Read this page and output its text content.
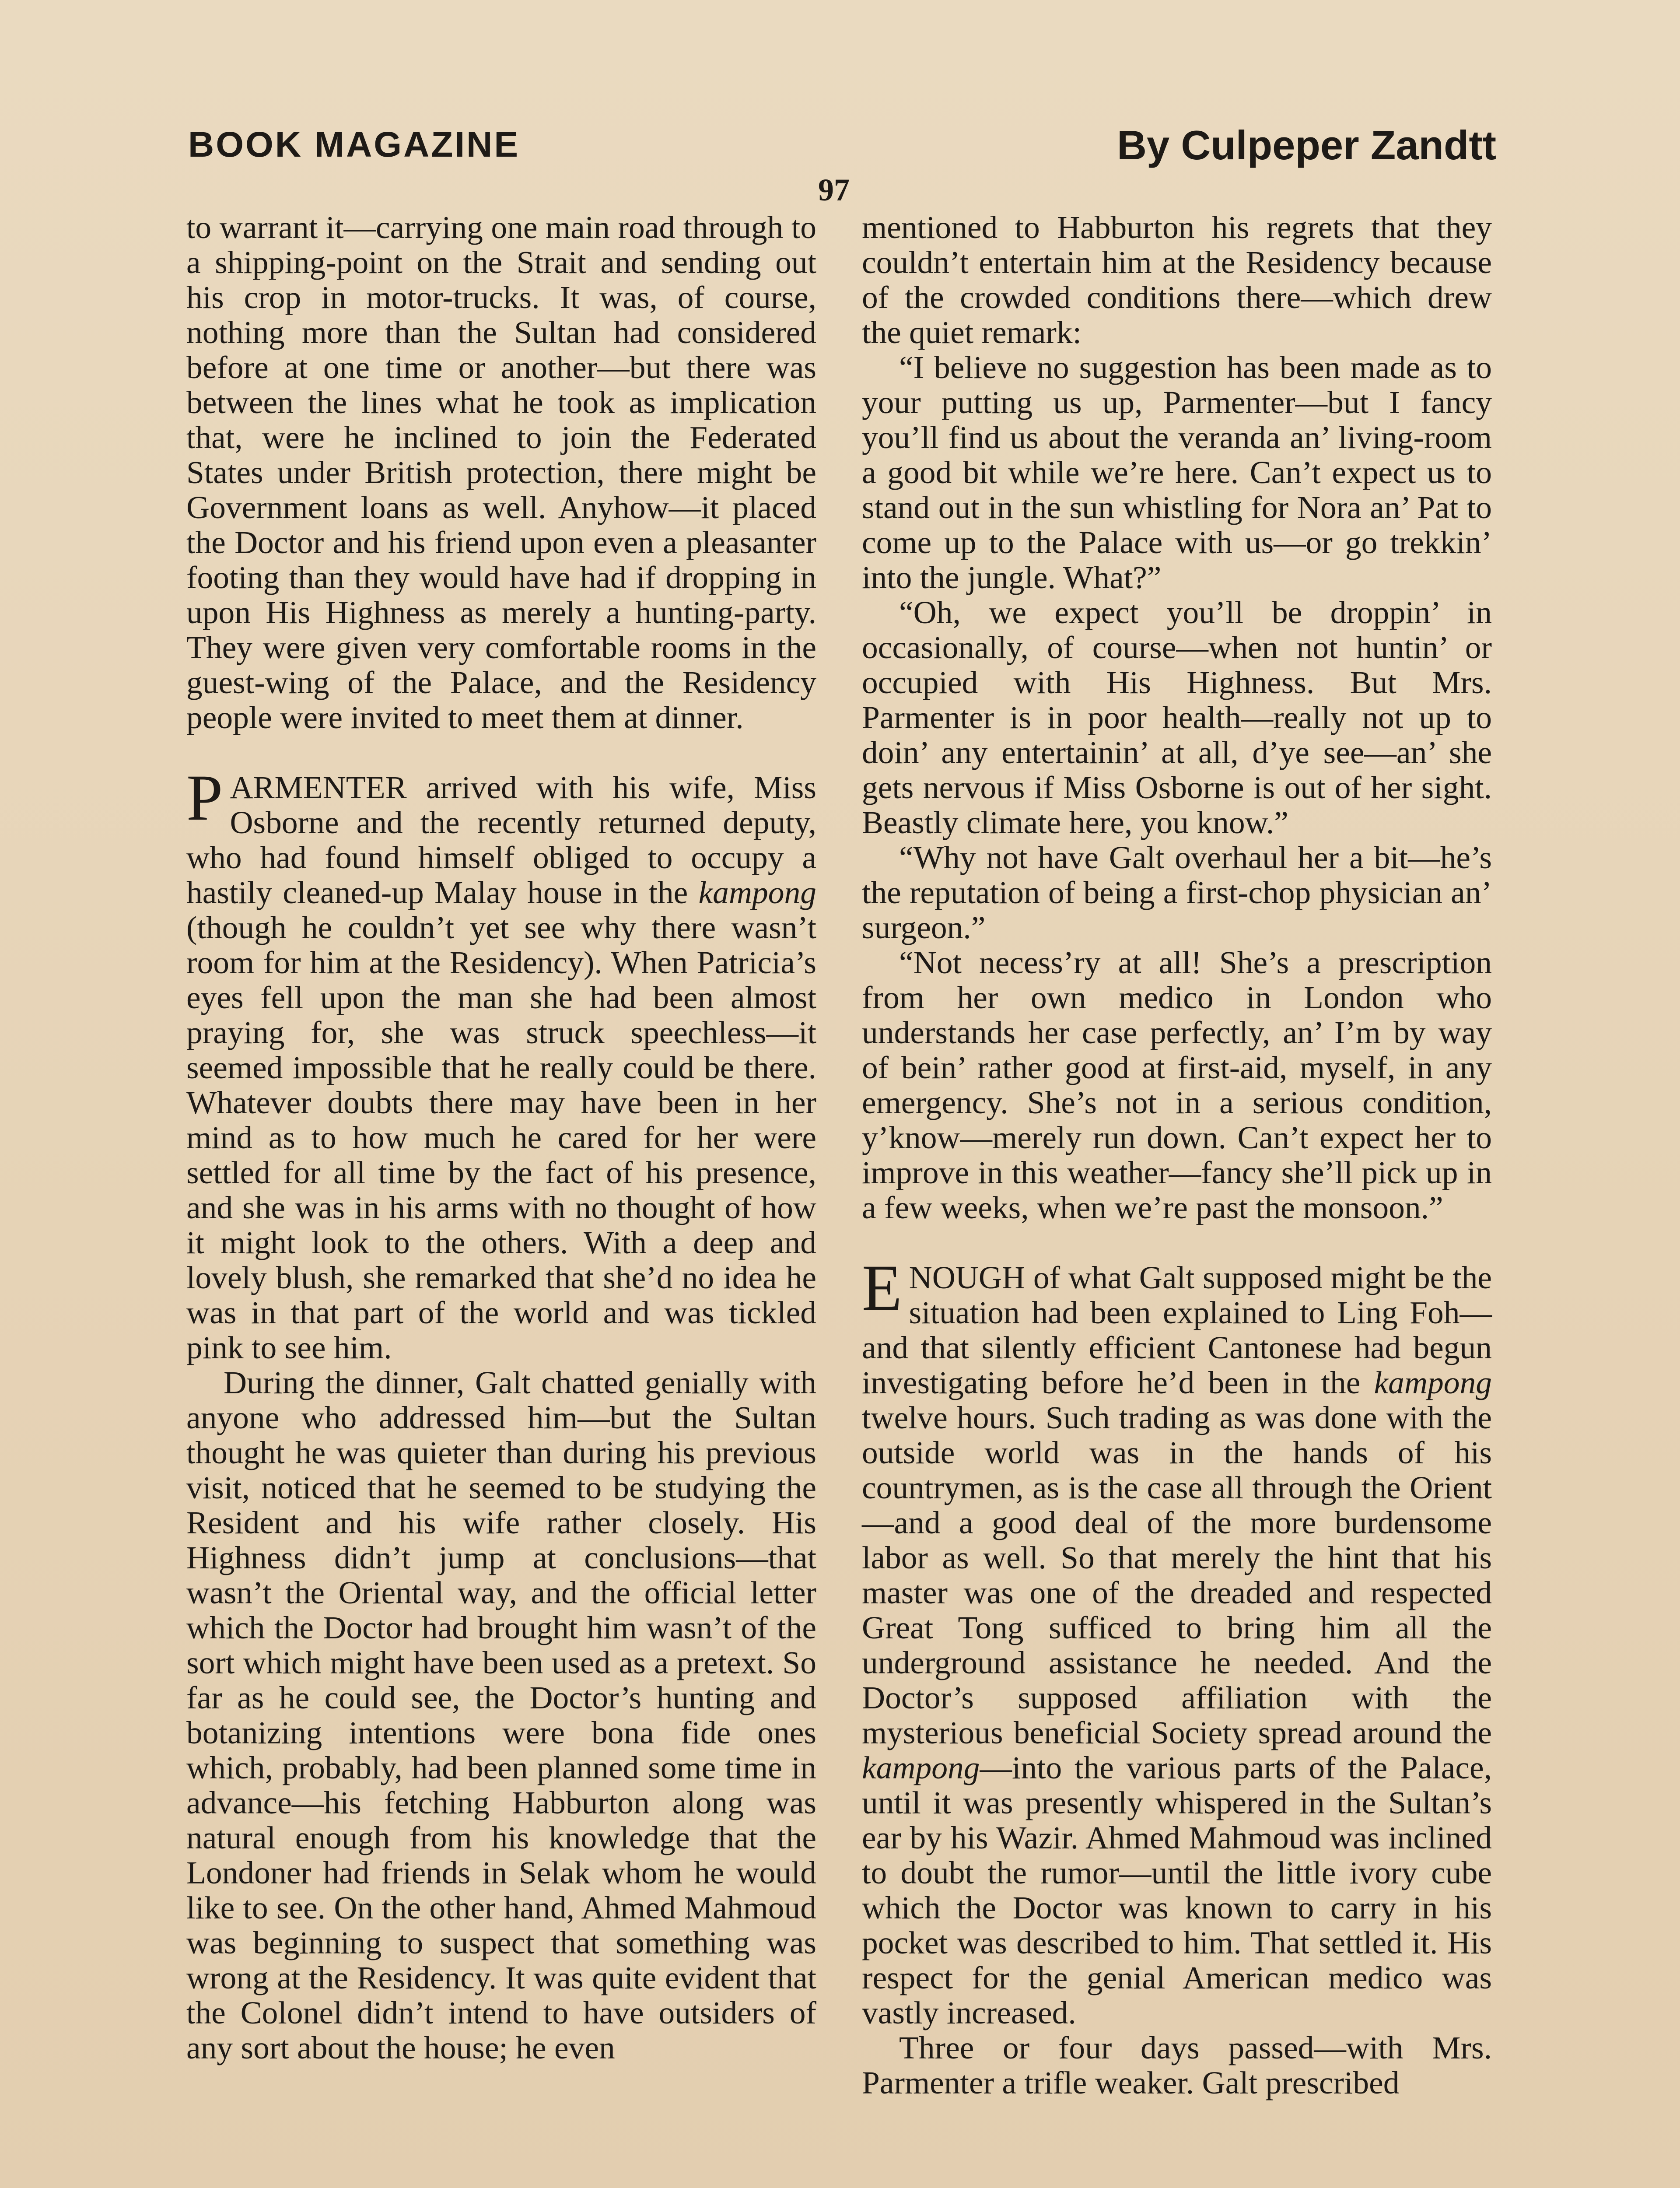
BOOK MAGAZINE	By Culpeper Zandtt
97

to warrant it—carrying one main road through to a shipping-point on the Strait and sending out his crop in motor-trucks. It was, of course, nothing more than the Sultan had considered before at one time or another—but there was between the lines what he took as implication that, were he inclined to join the Federated States under British protection, there might be Government loans as well. Anyhow—it placed the Doctor and his friend upon even a pleasanter footing than they would have had if dropping in upon His Highness as merely a hunting-party. They were given very comfortable rooms in the guest-wing of the Palace, and the Residency people were invited to meet them at dinner.

PARMENTER arrived with his wife, Miss Osborne and the recently returned deputy, who had found himself obliged to occupy a hastily cleaned-up Malay house in the kampong (though he couldn’t yet see why there wasn’t room for him at the Residency). When Patricia’s eyes fell upon the man she had been almost praying for, she was struck speechless—it seemed impossible that he really could be there. Whatever doubts there may have been in her mind as to how much he cared for her were settled for all time by the fact of his presence, and she was in his arms with no thought of how it might look to the others. With a deep and lovely blush, she remarked that she’d no idea he was in that part of the world and was tickled pink to see him.

During the dinner, Galt chatted genially with anyone who addressed him—but the Sultan thought he was quieter than during his previous visit, noticed that he seemed to be studying the Resident and his wife rather closely. His Highness didn’t jump at conclusions—that wasn’t the Oriental way, and the official letter which the Doctor had brought him wasn’t of the sort which might have been used as a pretext. So far as he could see, the Doctor’s hunting and botanizing intentions were bona fide ones which, probably, had been planned some time in advance—his fetching Habburton along was natural enough from his knowledge that the Londoner had friends in Selak whom he would like to see. On the other hand, Ahmed Mahmoud was beginning to suspect that something was wrong at the Residency. It was quite evident that the Colonel didn’t intend to have outsiders of any sort about the house; he even

mentioned to Habburton his regrets that they couldn’t entertain him at the Residency because of the crowded conditions there—which drew the quiet remark:

“I believe no suggestion has been made as to your putting us up, Parmenter—but I fancy you’ll find us about the veranda an’ living-room a good bit while we’re here. Can’t expect us to stand out in the sun whistling for Nora an’ Pat to come up to the Palace with us—or go trekkin’ into the jungle. What?”

“Oh, we expect you’ll be droppin’ in occasionally, of course—when not huntin’ or occupied with His Highness. But Mrs. Parmenter is in poor health—really not up to doin’ any entertainin’ at all, d’ye see—an’ she gets nervous if Miss Osborne is out of her sight. Beastly climate here, you know.”

“Why not have Galt overhaul her a bit—he’s the reputation of being a first-chop physician an’ surgeon.”

“Not necess’ry at all! She’s a prescription from her own medico in London who understands her case perfectly, an’ I’m by way of bein’ rather good at first-aid, myself, in any emergency. She’s not in a serious condition, y’know—merely run down. Can’t expect her to improve in this weather—fancy she’ll pick up in a few weeks, when we’re past the monsoon.”

ENOUGH of what Galt supposed might be the situation had been explained to Ling Foh—and that silently efficient Cantonese had begun investigating before he’d been in the kampong twelve hours. Such trading as was done with the outside world was in the hands of his countrymen, as is the case all through the Orient—and a good deal of the more burdensome labor as well. So that merely the hint that his master was one of the dreaded and respected Great Tong sufficed to bring him all the underground assistance he needed. And the Doctor’s supposed affiliation with the mysterious beneficial Society spread around the kampong—into the various parts of the Palace, until it was presently whispered in the Sultan’s ear by his Wazir. Ahmed Mahmoud was inclined to doubt the rumor—until the little ivory cube which the Doctor was known to carry in his pocket was described to him. That settled it. His respect for the genial American medico was vastly increased.

Three or four days passed—with Mrs. Parmenter a trifle weaker. Galt prescribed
